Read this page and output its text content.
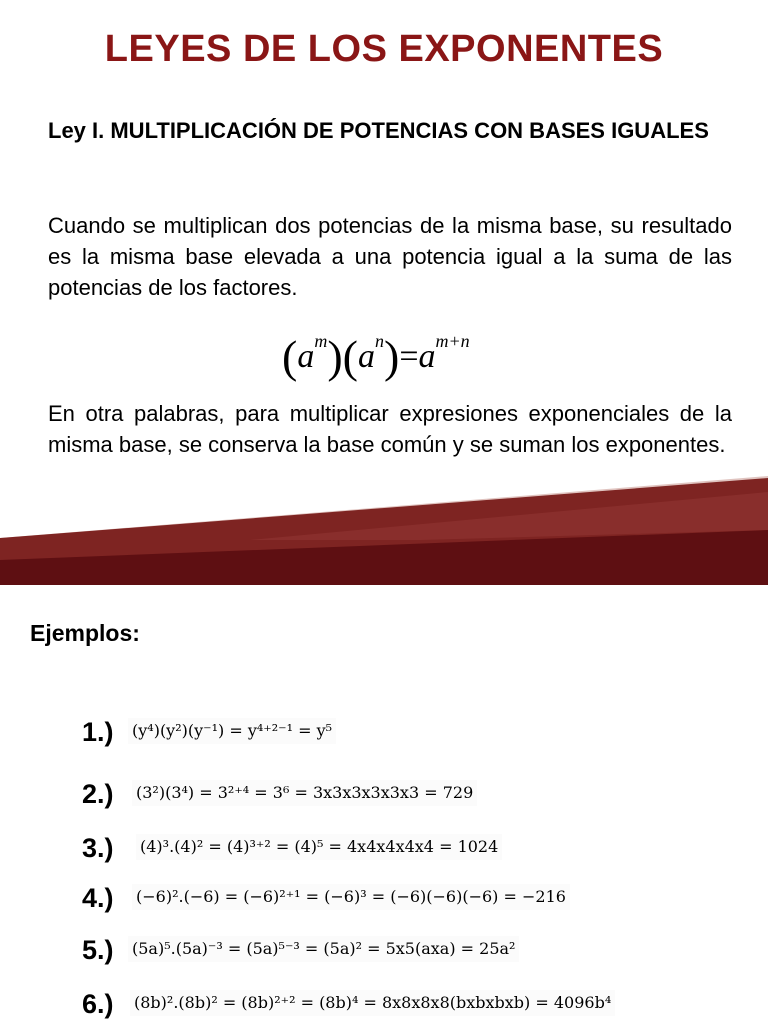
LEYES DE LOS EXPONENTES
Ley I. MULTIPLICACIÓN DE POTENCIAS CON BASES IGUALES
Cuando se multiplican dos potencias de la misma base, su resultado es la misma base elevada a una potencia igual a la suma de las potencias de los factores.
$(a^m)(a^n)=a^{m+n}$
En otra palabras, para multiplicar expresiones exponenciales de la misma base, se conserva la base común y se suman los exponentes.
Ejemplos:
1.) (y⁴)(y²)(y⁻¹) = y⁴⁺²⁻¹ = y⁵
2.) (3²)(3⁴) = 3²⁺⁴ = 3⁶ = 3x3x3x3x3x3 = 729
3.) (4)³.(4)² = (4)³⁺² = (4)⁵ = 4x4x4x4x4 = 1024
4.) (−6)².(−6) = (−6)²⁺¹ = (−6)³ = (−6)(−6)(−6) = −216
5.) (5a)⁵.(5a)⁻³ = (5a)⁵⁻³ = (5a)² = 5x5(axa) = 25a²
6.) (8b)².(8b)² = (8b)²⁺² = (8b)⁴ = 8x8x8x8(bxbxbxb) = 4096b⁴
